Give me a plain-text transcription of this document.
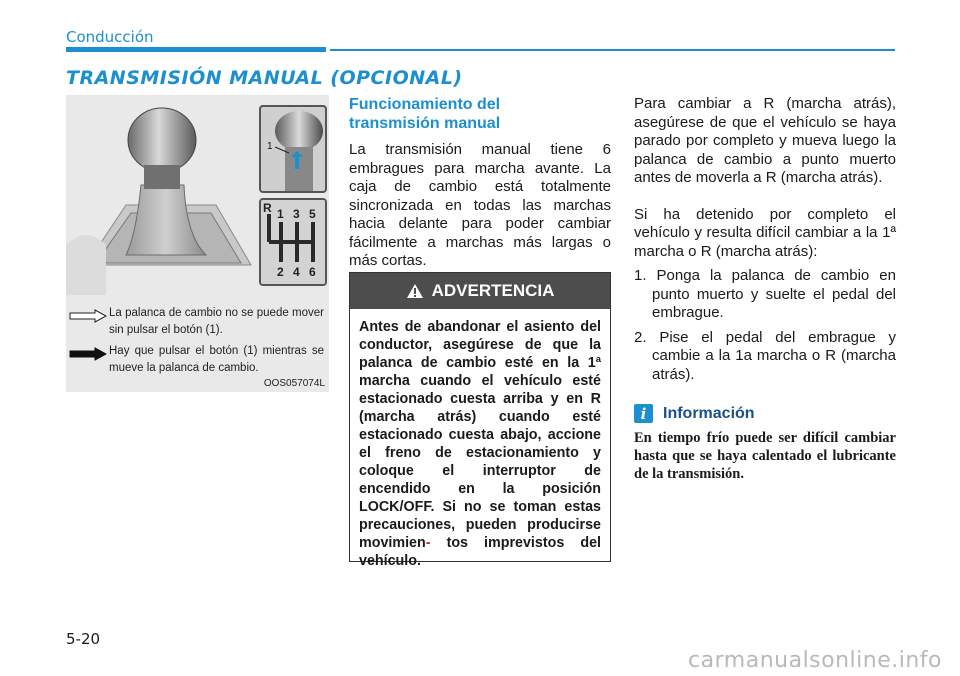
Conducción
TRANSMISIÓN MANUAL (OPCIONAL)
1
R 1 3 5
2 4 6
La palanca de cambio no se puede mover sin pulsar el botón (1).
Hay que pulsar el botón (1) mientras se mueve la palanca de cambio.
OOS057074L
Funcionamiento del
transmisión manual

La transmisión manual tiene 6 embragues para marcha avante. La caja de cambio está totalmente sincronizada en todas las marchas hacia delante para poder cambiar fácilmente a marchas más largas o más cortas.

ADVERTENCIA
Antes de abandonar el asiento del conductor, asegúrese de que la palanca de cambio esté en la 1ª marcha cuando el vehículo esté estacionado cuesta arriba y en R (marcha atrás) cuando esté estacionado cuesta abajo, accione el freno de estacionamiento y coloque el interruptor de encendido en la posición LOCK/OFF. Si no se toman estas precauciones, pueden producirse movimien- tos imprevistos del vehículo.

Para cambiar a R (marcha atrás), asegúrese de que el vehículo se haya parado por completo y mueva luego la palanca de cambio a punto muerto antes de moverla a R (marcha atrás).

Si ha detenido por completo el vehículo y resulta difícil cambiar a la 1ª marcha o R (marcha atrás):

1. Ponga la palanca de cambio en punto muerto y suelte el pedal del embrague.

2. Pise el pedal del embrague y cambie a la 1a marcha o R (marcha atrás).

i	Información
En tiempo frío puede ser difícil cambiar hasta que se haya calentado el lubricante de la transmisión.
5-20
carmanualsonline.info
